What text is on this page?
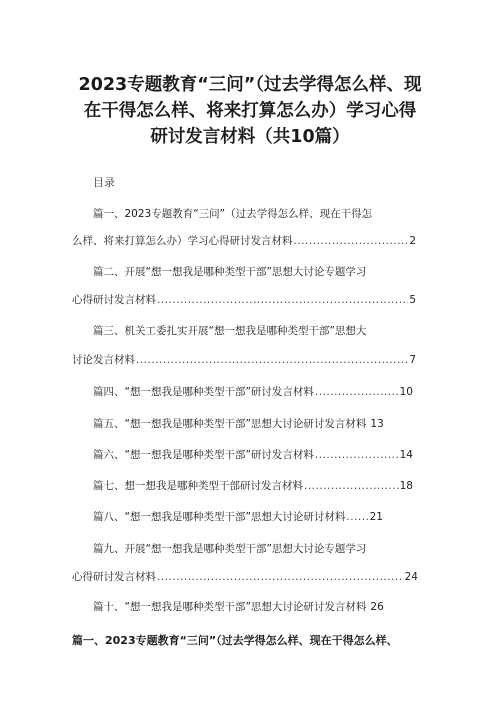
2023专题教育“三问”（过去学得怎么样、现
在干得怎么样、将来打算怎么办）学习心得
研讨发言材料（共10篇）
目录
篇一、2023专题教育“三问”（过去学得怎么样、现在干得怎
么样、将来打算怎么办）学习心得研讨发言材料 .....	2
篇二、开展“想一想我是哪种类型干部”思想大讨论专题学习
心得研讨发言材料 .....	5
篇三、机关工委扎实开展“想一想我是哪种类型干部”思想大
讨论发言材料 .....	7
篇四、“想一想我是哪种类型干部”研讨发言材料 .....	10
篇五、“想一想我是哪种类型干部”思想大讨论研讨发言材料 13
篇六、“想一想我是哪种类型干部”研讨发言材料 .....	14
篇七、想一想我是哪种类型干部研讨发言材料 .....	18
篇八、“想一想我是哪种类型干部”思想大讨论研讨材料 ..... 21
篇九、开展“想一想我是哪种类型干部”思想大讨论专题学习
心得研讨发言材料 .....	24
篇十、“想一想我是哪种类型干部”思想大讨论研讨发言材料 26
篇一、2023专题教育“三问”（过去学得怎么样、现在干得怎么样、
